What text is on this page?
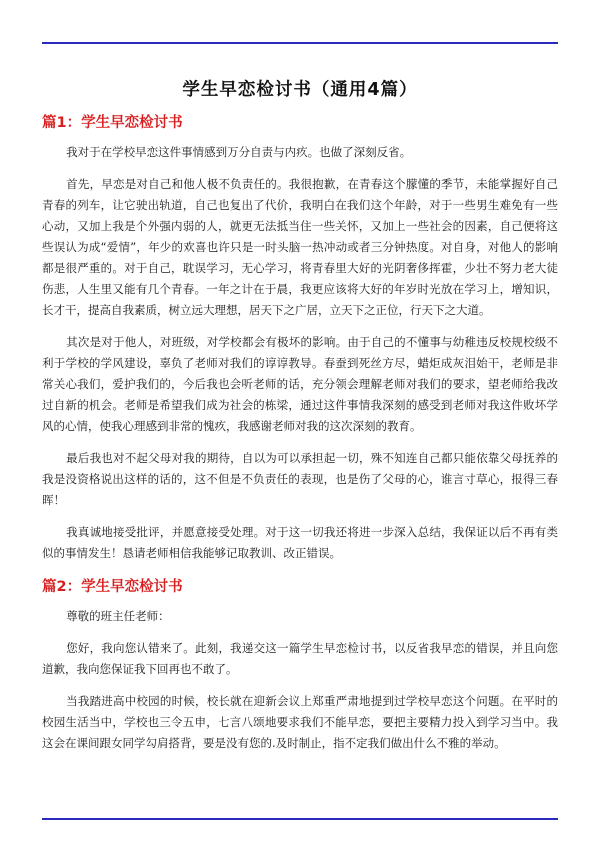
学生早恋检讨书（通用4篇）
篇1：学生早恋检讨书

我对于在学校早恋这件事情感到万分自责与内疚。也做了深刻反省。

首先，早恋是对自己和他人极不负责任的。我很抱歉，在青春这个朦懂的季节，未能掌握好自己青春的列车，让它驶出轨道，自己也复出了代价，我明白在我们这个年龄，对于一些男生难免有一些心动，又加上我是个外强内弱的人，就更无法抵当住一些关怀，又加上一些社会的因素，自己便将这些误认为成“爱情”，年少的欢喜也许只是一时头脑一热冲动或者三分钟热度。对自身，对他人的影响都是很严重的。对于自己，耽误学习，无心学习，将青春里大好的光阴奢侈挥霍，少壮不努力老大徒伤悲，人生里又能有几个青春。一年之计在于晨，我更应该将大好的年岁时光放在学习上，增知识，长才干，提高自我素质，树立远大理想，居天下之广居，立天下之正位，行天下之大道。

其次是对于他人，对班级，对学校都会有极坏的影响。由于自己的不懂事与幼稚违反校规校级不利于学校的学风建设，辜负了老师对我们的谆谆教导。春蚕到死丝方尽，蜡炬成灰泪始干，老师是非常关心我们，爱护我们的，今后我也会听老师的话，充分领会理解老师对我们的要求，望老师给我改过自新的机会。老师是希望我们成为社会的栋梁，通过这件事情我深刻的感受到老师对我这件败坏学风的心情，使我心理感到非常的愧疚，我感谢老师对我的这次深刻的教育。

最后我也对不起父母对我的期待，自以为可以承担起一切，殊不知连自己都只能依靠父母抚养的我是没资格说出这样的话的，这不但是不负责任的表现，也是伤了父母的心，谁言寸草心，报得三春晖！

我真诚地接受批评，并愿意接受处理。对于这一切我还将进一步深入总结，我保证以后不再有类似的事情发生！恳请老师相信我能够记取教训、改正错误。

篇2：学生早恋检讨书

尊敬的班主任老师：

您好，我向您认错来了。此刻，我递交这一篇学生早恋检讨书，以反省我早恋的错误，并且向您道歉，我向您保证我下回再也不敢了。

当我踏进高中校园的时候，校长就在迎新会议上郑重严肃地提到过学校早恋这个问题。在平时的校园生活当中，学校也三令五申，七言八颂地要求我们不能早恋，要把主要精力投入到学习当中。我这会在课间跟女同学勾肩搭背，要是没有您的.及时制止，指不定我们做出什么不雅的举动。
